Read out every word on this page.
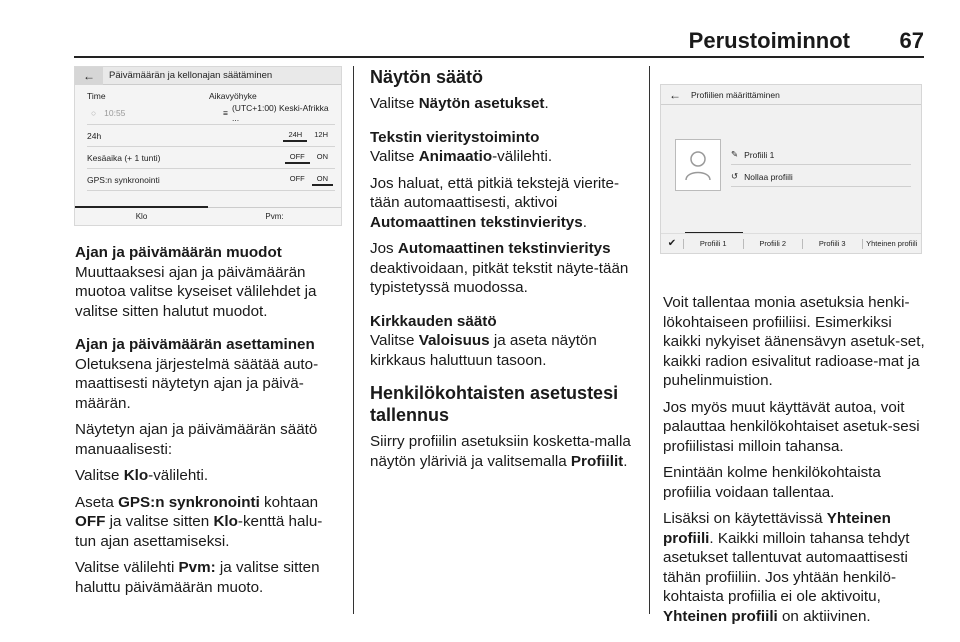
Perustoiminnot 67
←	Päivämäärän ja kellonajan säätäminen
Time	Aikavyöhyke
○ 10:55	≡ (UTC+1:00) Keski-Afrikka ...
24h	24H	12H
Kesäaika (+ 1 tunti)	OFF	ON
GPS:n synkronointi	OFF	ON
Klo	Pvm:

Ajan ja päivämäärän muodot

Muuttaaksesi ajan ja päivämäärän muotoa valitse kyseiset välilehdet ja valitse sitten halutut muodot.

Ajan ja päivämäärän asettaminen

Oletuksena järjestelmä säätää auto-maattisesti näytetyn ajan ja päivä-määrän.

Näytetyn ajan ja päivämäärän säätö manuaalisesti:

Valitse Klo-välilehti.

Aseta GPS:n synkronointi kohtaan OFF ja valitse sitten Klo-kenttä halu-tun ajan asettamiseksi.

Valitse välilehti Pvm: ja valitse sitten haluttu päivämäärän muoto.

Näytön säätö

Valitse Näytön asetukset.

Tekstin vieritystoiminto

Valitse Animaatio-välilehti.

Jos haluat, että pitkiä tekstejä vierite-tään automaattisesti, aktivoi Automaattinen tekstinvieritys.

Jos Automaattinen tekstinvieritys deaktivoidaan, pitkät tekstit näyte-tään typistetyssä muodossa.

Kirkkauden säätö

Valitse Valoisuus ja aseta näytön kirkkaus haluttuun tasoon.

Henkilökohtaisten asetustesi tallennus

Siirry profiilin asetuksiin kosketta-malla näytön yläriviä ja valitsemalla Profiilit.

← Profiilien määrittäminen
✎ Profiili 1
↺ Nollaa profiili
✔	Profiili 1	Profiili 2	Profiili 3	Yhteinen profiili

Voit tallentaa monia asetuksia henki-lökohtaiseen profiiliisi. Esimerkiksi kaikki nykyiset äänensävyn asetuk-set, kaikki radion esivalitut radioase-mat ja puhelinmuistion.

Jos myös muut käyttävät autoa, voit palauttaa henkilökohtaiset asetuk-sesi profiilistasi milloin tahansa.

Enintään kolme henkilökohtaista profiilia voidaan tallentaa.

Lisäksi on käytettävissä Yhteinen profiili. Kaikki milloin tahansa tehdyt asetukset tallentuvat automaattisesti tähän profiiliin. Jos yhtään henkilö-kohtaista profiilia ei ole aktivoitu, Yhteinen profiili on aktiivinen.
